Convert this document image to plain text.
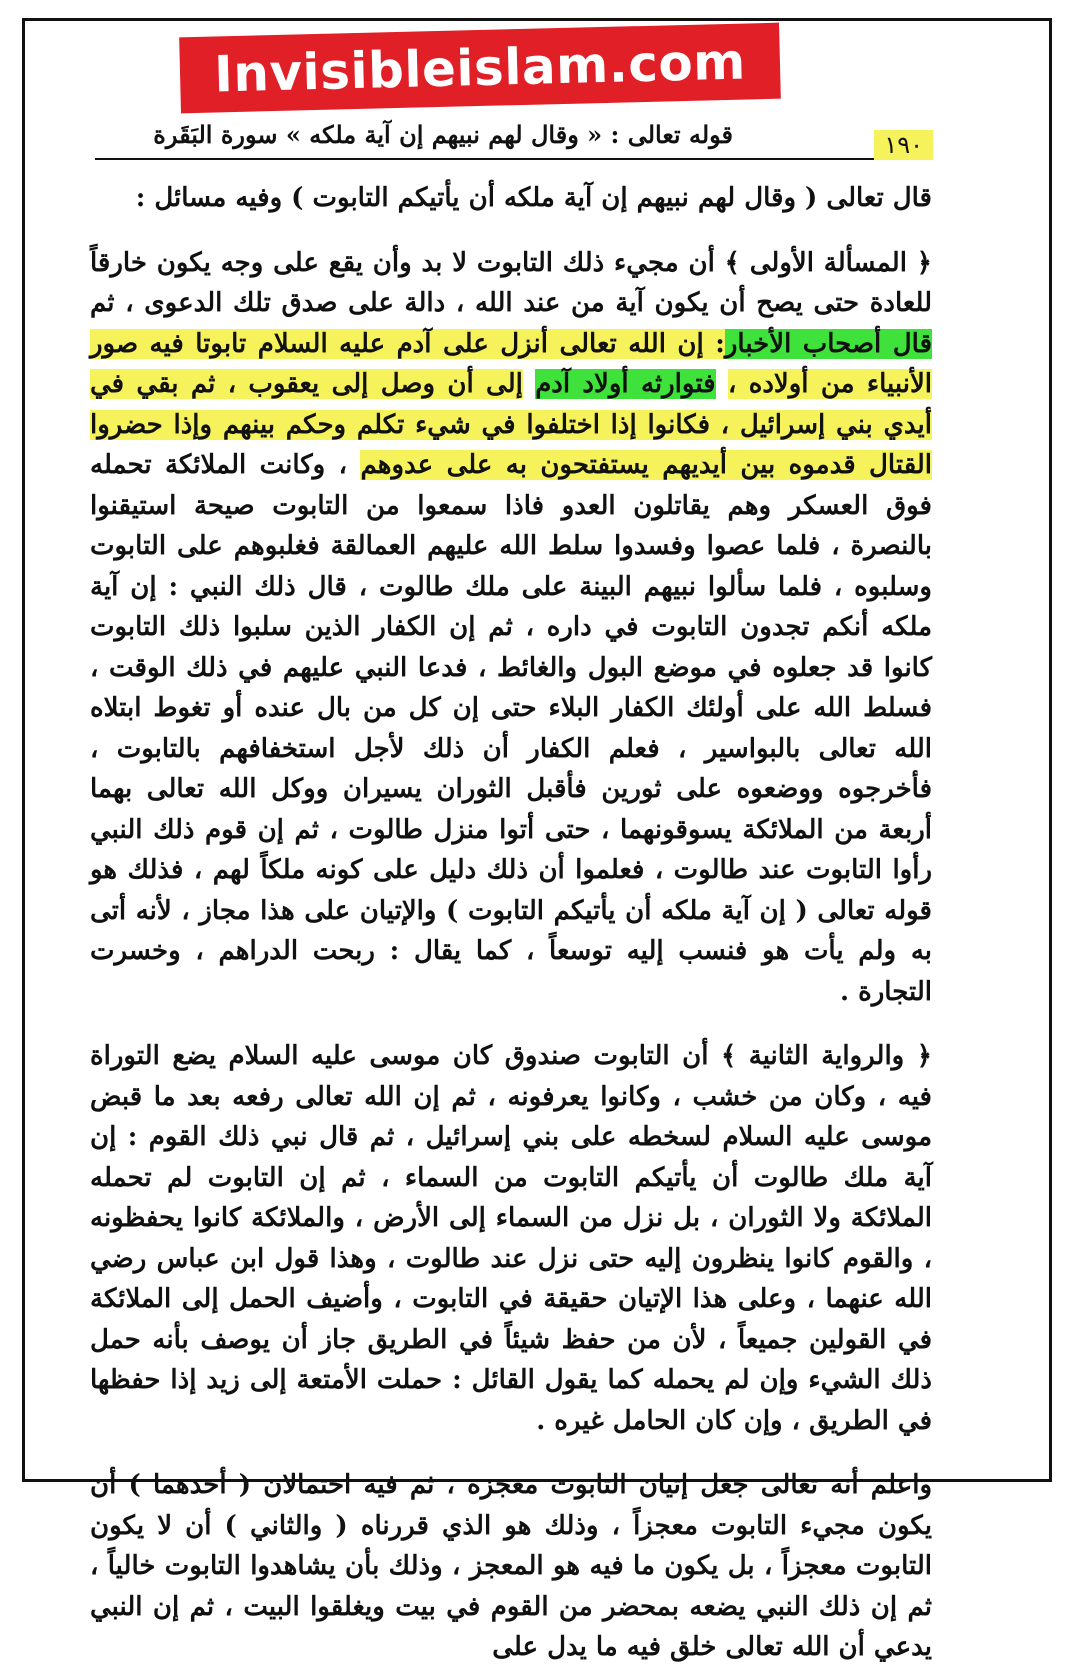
Invisibleislam.com
١٩٠
قوله تعالى : « وقال لهم نبيهم إن آية ملكه » سورة البَقَرة

قال تعالى ( وقال لهم نبيهم إن آية ملكه أن يأتيكم التابوت ) وفيه مسائل :

﴿ المسألة الأولى ﴾ أن مجيء ذلك التابوت لا بد وأن يقع على وجه يكون خارقاً للعادة حتى يصح أن يكون آية من عند الله ، دالة على صدق تلك الدعوى ، ثم قال أصحاب الأخبار: إن الله تعالى أنزل على آدم عليه السلام تابوتا فيه صور الأنبياء من أولاده ، فتوارثه أولاد آدم إلى أن وصل إلى يعقوب ، ثم بقي في أيدي بني إسرائيل ، فكانوا إذا اختلفوا في شيء تكلم وحكم بينهم وإذا حضروا القتال قدموه بين أيديهم يستفتحون به على عدوهم ، وكانت الملائكة تحمله فوق العسكر وهم يقاتلون العدو فاذا سمعوا من التابوت صيحة استيقنوا بالنصرة ، فلما عصوا وفسدوا سلط الله عليهم العمالقة فغلبوهم على التابوت وسلبوه ، فلما سألوا نبيهم البينة على ملك طالوت ، قال ذلك النبي : إن آية ملكه أنكم تجدون التابوت في داره ، ثم إن الكفار الذين سلبوا ذلك التابوت كانوا قد جعلوه في موضع البول والغائط ، فدعا النبي عليهم في ذلك الوقت ، فسلط الله على أولئك الكفار البلاء حتى إن كل من بال عنده أو تغوط ابتلاه الله تعالى بالبواسير ، فعلم الكفار أن ذلك لأجل استخفافهم بالتابوت ، فأخرجوه ووضعوه على ثورين فأقبل الثوران يسيران ووكل الله تعالى بهما أربعة من الملائكة يسوقونهما ، حتى أتوا منزل طالوت ، ثم إن قوم ذلك النبي رأوا التابوت عند طالوت ، فعلموا أن ذلك دليل على كونه ملكاً لهم ، فذلك هو قوله تعالى ( إن آية ملكه أن يأتيكم التابوت ) والإتيان على هذا مجاز ، لأنه أتى به ولم يأت هو فنسب إليه توسعاً ، كما يقال : ربحت الدراهم ، وخسرت التجارة .

﴿ والرواية الثانية ﴾ أن التابوت صندوق كان موسى عليه السلام يضع التوراة فيه ، وكان من خشب ، وكانوا يعرفونه ، ثم إن الله تعالى رفعه بعد ما قبض موسى عليه السلام لسخطه على بني إسرائيل ، ثم قال نبي ذلك القوم : إن آية ملك طالوت أن يأتيكم التابوت من السماء ، ثم إن التابوت لم تحمله الملائكة ولا الثوران ، بل نزل من السماء إلى الأرض ، والملائكة كانوا يحفظونه ، والقوم كانوا ينظرون إليه حتى نزل عند طالوت ، وهذا قول ابن عباس رضي الله عنهما ، وعلى هذا الإتيان حقيقة في التابوت ، وأضيف الحمل إلى الملائكة في القولين جميعاً ، لأن من حفظ شيئاً في الطريق جاز أن يوصف بأنه حمل ذلك الشيء وإن لم يحمله كما يقول القائل : حملت الأمتعة إلى زيد إذا حفظها في الطريق ، وإن كان الحامل غيره .

واعلم أنه تعالى جعل إتيان التابوت معجزة ، ثم فيه احتمالان ( أحدهما ) أن يكون مجيء التابوت معجزاً ، وذلك هو الذي قررناه ( والثاني ) أن لا يكون التابوت معجزاً ، بل يكون ما فيه هو المعجز ، وذلك بأن يشاهدوا التابوت خالياً ، ثم إن ذلك النبي يضعه بمحضر من القوم في بيت ويغلقوا البيت ، ثم إن النبي يدعي أن الله تعالى خلق فيه ما يدل على
